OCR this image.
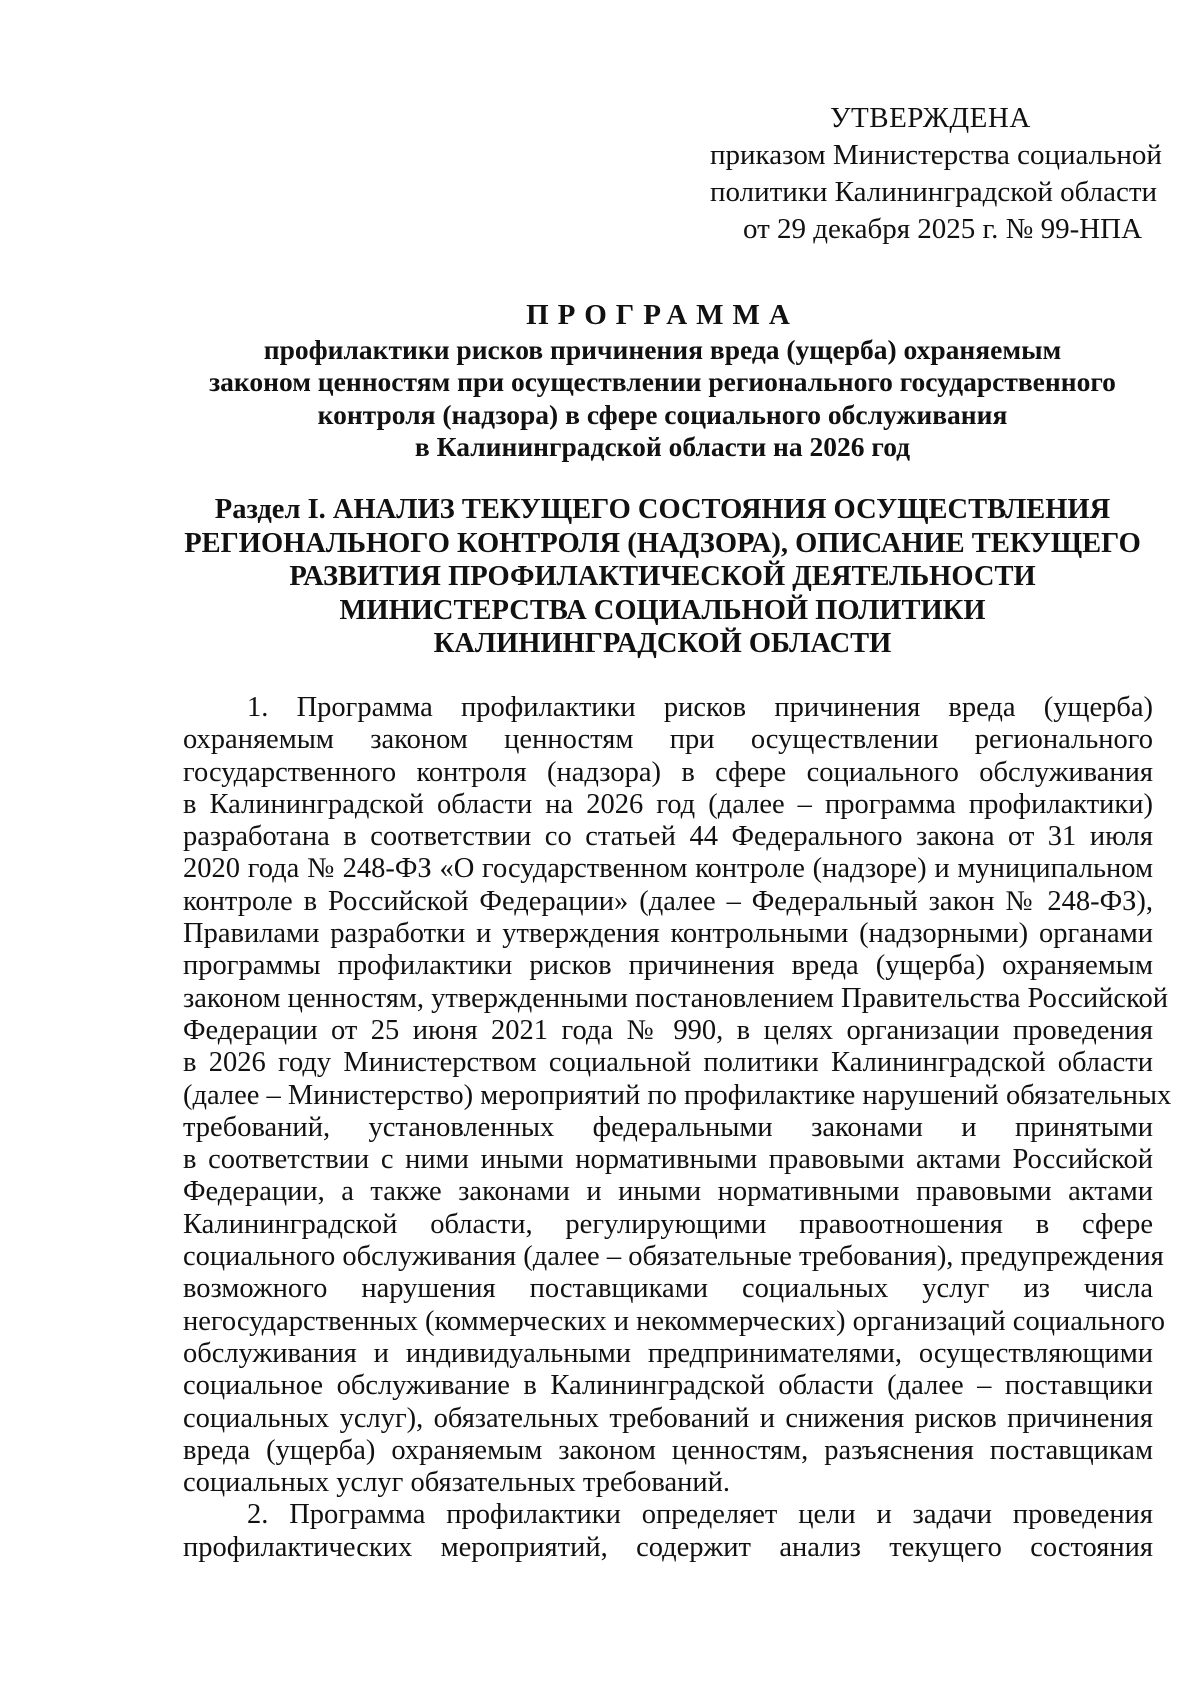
УТВЕРЖДЕНА
приказом Министерства социальной
политики Калининградской области
от 29 декабря 2025 г. № 99-НПА
ПРОГРАММА
профилактики рисков причинения вреда (ущерба) охраняемым
законом ценностям при осуществлении регионального государственного
контроля (надзора) в сфере социального обслуживания
в Калининградской области на 2026 год
Раздел I. АНАЛИЗ ТЕКУЩЕГО СОСТОЯНИЯ ОСУЩЕСТВЛЕНИЯ
РЕГИОНАЛЬНОГО КОНТРОЛЯ (НАДЗОРА), ОПИСАНИЕ ТЕКУЩЕГО
РАЗВИТИЯ ПРОФИЛАКТИЧЕСКОЙ ДЕЯТЕЛЬНОСТИ
МИНИСТЕРСТВА СОЦИАЛЬНОЙ ПОЛИТИКИ
КАЛИНИНГРАДСКОЙ ОБЛАСТИ
1. Программа профилактики рисков причинения вреда (ущерба)
охраняемым законом ценностям при осуществлении регионального
государственного контроля (надзора) в сфере социального обслуживания
в Калининградской области на 2026 год (далее – программа профилактики)
разработана в соответствии со статьей 44 Федерального закона от 31 июля
2020 года № 248-ФЗ «О государственном контроле (надзоре) и муниципальном
контроле в Российской Федерации» (далее – Федеральный закон № 248-ФЗ),
Правилами разработки и утверждения контрольными (надзорными) органами
программы профилактики рисков причинения вреда (ущерба) охраняемым
законом ценностям, утвержденными постановлением Правительства Российской
Федерации от 25 июня 2021 года № 990, в целях организации проведения
в 2026 году Министерством социальной политики Калининградской области
(далее – Министерство) мероприятий по профилактике нарушений обязательных
требований, установленных федеральными законами и принятыми
в соответствии с ними иными нормативными правовыми актами Российской
Федерации, а также законами и иными нормативными правовыми актами
Калининградской области, регулирующими правоотношения в сфере
социального обслуживания (далее – обязательные требования), предупреждения
возможного нарушения поставщиками социальных услуг из числа
негосударственных (коммерческих и некоммерческих) организаций социального
обслуживания и индивидуальными предпринимателями, осуществляющими
социальное обслуживание в Калининградской области (далее – поставщики
социальных услуг), обязательных требований и снижения рисков причинения
вреда (ущерба) охраняемым законом ценностям, разъяснения поставщикам
социальных услуг обязательных требований.
2. Программа профилактики определяет цели и задачи проведения
профилактических мероприятий, содержит анализ текущего состояния
